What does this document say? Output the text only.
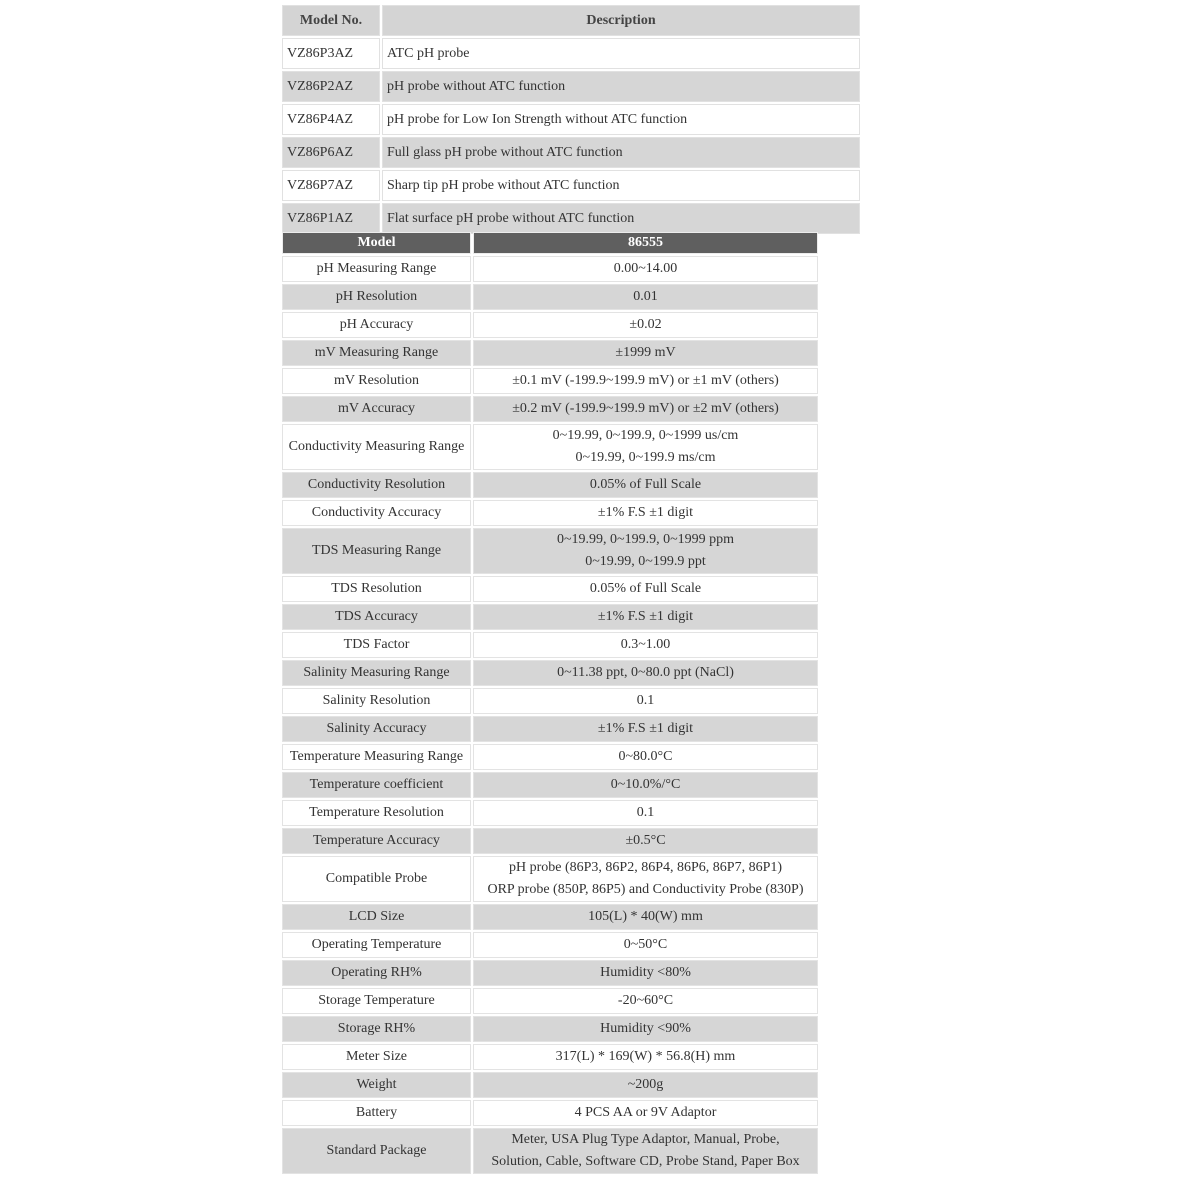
Model No.	Description
VZ86P3AZ	ATC pH probe
VZ86P2AZ	pH probe without ATC function
VZ86P4AZ	pH probe for Low Ion Strength without ATC function
VZ86P6AZ	Full glass pH probe without ATC function
VZ86P7AZ	Sharp tip pH probe without ATC function
VZ86P1AZ	Flat surface pH probe without ATC function
Model	86555
pH Measuring Range	0.00~14.00
pH Resolution	0.01
pH Accuracy	±0.02
mV Measuring Range	±1999 mV
mV Resolution	±0.1 mV (-199.9~199.9 mV) or ±1 mV (others)
mV Accuracy	±0.2 mV (-199.9~199.9 mV) or ±2 mV (others)
Conductivity Measuring Range	0~19.99, 0~199.9, 0~1999 us/cm
0~19.99, 0~199.9 ms/cm

Conductivity Resolution	0.05% of Full Scale
Conductivity Accuracy	±1% F.S ±1 digit
TDS Measuring Range	0~19.99, 0~199.9, 0~1999 ppm
0~19.99, 0~199.9 ppt

TDS Resolution	0.05% of Full Scale
TDS Accuracy	±1% F.S ±1 digit
TDS Factor	0.3~1.00
Salinity Measuring Range	0~11.38 ppt, 0~80.0 ppt (NaCl)
Salinity Resolution	0.1
Salinity Accuracy	±1% F.S ±1 digit
Temperature Measuring Range	0~80.0°C
Temperature coefficient	0~10.0%/°C
Temperature Resolution	0.1
Temperature Accuracy	±0.5°C
Compatible Probe	pH probe (86P3, 86P2, 86P4, 86P6, 86P7, 86P1)
ORP probe (850P, 86P5) and Conductivity Probe (830P)

LCD Size	105(L) * 40(W) mm
Operating Temperature	0~50°C
Operating RH%	Humidity <80%
Storage Temperature	-20~60°C
Storage RH%	Humidity <90%
Meter Size	317(L) * 169(W) * 56.8(H) mm
Weight	~200g
Battery	4 PCS AA or 9V Adaptor
Standard Package	Meter, USA Plug Type Adaptor, Manual, Probe,
Solution, Cable, Software CD, Probe Stand, Paper Box
